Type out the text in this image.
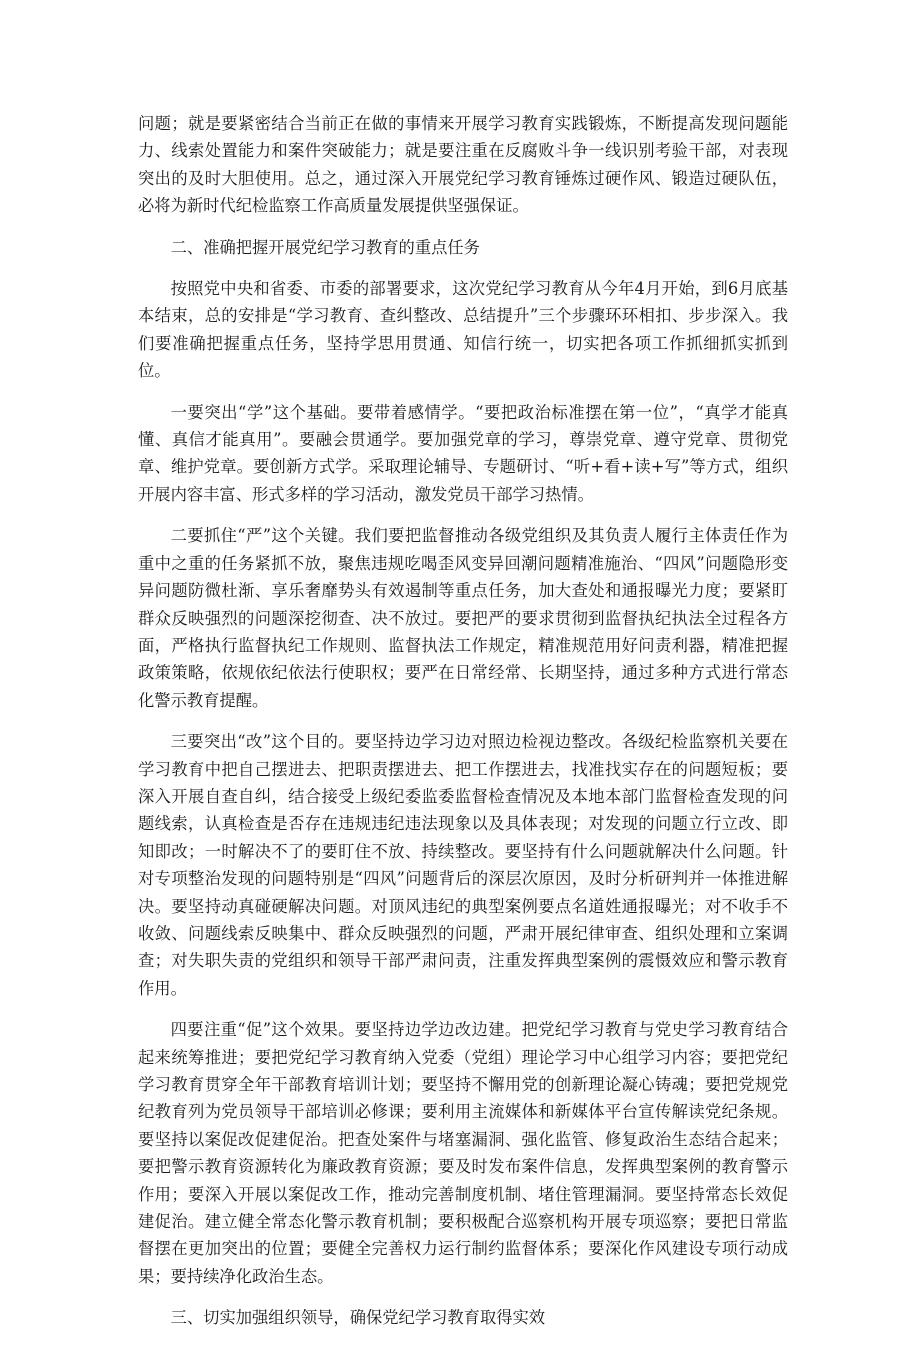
问题；就是要紧密结合当前正在做的事情来开展学习教育实践锻炼，不断提高发现问题能力、线索处置能力和案件突破能力；就是要注重在反腐败斗争一线识别考验干部，对表现突出的及时大胆使用。总之，通过深入开展党纪学习教育锤炼过硬作风、锻造过硬队伍，必将为新时代纪检监察工作高质量发展提供坚强保证。

二、准确把握开展党纪学习教育的重点任务

按照党中央和省委、市委的部署要求，这次党纪学习教育从今年4月开始，到6月底基本结束，总的安排是“学习教育、查纠整改、总结提升”三个步骤环环相扣、步步深入。我们要准确把握重点任务，坚持学思用贯通、知信行统一，切实把各项工作抓细抓实抓到位。

一要突出“学”这个基础。要带着感情学。“要把政治标准摆在第一位”，“真学才能真懂、真信才能真用”。要融会贯通学。要加强党章的学习，尊崇党章、遵守党章、贯彻党章、维护党章。要创新方式学。采取理论辅导、专题研讨、“听+看+读+写”等方式，组织开展内容丰富、形式多样的学习活动，激发党员干部学习热情。

二要抓住“严”这个关键。我们要把监督推动各级党组织及其负责人履行主体责任作为重中之重的任务紧抓不放，聚焦违规吃喝歪风变异回潮问题精准施治、“四风”问题隐形变异问题防微杜渐、享乐奢靡势头有效遏制等重点任务，加大查处和通报曝光力度；要紧盯群众反映强烈的问题深挖彻查、决不放过。要把严的要求贯彻到监督执纪执法全过程各方面，严格执行监督执纪工作规则、监督执法工作规定，精准规范用好问责利器，精准把握政策策略，依规依纪依法行使职权；要严在日常经常、长期坚持，通过多种方式进行常态化警示教育提醒。

三要突出“改”这个目的。要坚持边学习边对照边检视边整改。各级纪检监察机关要在学习教育中把自己摆进去、把职责摆进去、把工作摆进去，找准找实存在的问题短板；要深入开展自查自纠，结合接受上级纪委监委监督检查情况及本地本部门监督检查发现的问题线索，认真检查是否存在违规违纪违法现象以及具体表现；对发现的问题立行立改、即知即改；一时解决不了的要盯住不放、持续整改。要坚持有什么问题就解决什么问题。针对专项整治发现的问题特别是“四风”问题背后的深层次原因，及时分析研判并一体推进解决。要坚持动真碰硬解决问题。对顶风违纪的典型案例要点名道姓通报曝光；对不收手不收敛、问题线索反映集中、群众反映强烈的问题，严肃开展纪律审查、组织处理和立案调查；对失职失责的党组织和领导干部严肃问责，注重发挥典型案例的震慑效应和警示教育作用。

四要注重“促”这个效果。要坚持边学边改边建。把党纪学习教育与党史学习教育结合起来统筹推进；要把党纪学习教育纳入党委（党组）理论学习中心组学习内容；要把党纪学习教育贯穿全年干部教育培训计划；要坚持不懈用党的创新理论凝心铸魂；要把党规党纪教育列为党员领导干部培训必修课；要利用主流媒体和新媒体平台宣传解读党纪条规。要坚持以案促改促建促治。把查处案件与堵塞漏洞、强化监管、修复政治生态结合起来；要把警示教育资源转化为廉政教育资源；要及时发布案件信息，发挥典型案例的教育警示作用；要深入开展以案促改工作，推动完善制度机制、堵住管理漏洞。要坚持常态长效促建促治。建立健全常态化警示教育机制；要积极配合巡察机构开展专项巡察；要把日常监督摆在更加突出的位置；要健全完善权力运行制约监督体系；要深化作风建设专项行动成果；要持续净化政治生态。

三、切实加强组织领导，确保党纪学习教育取得实效
